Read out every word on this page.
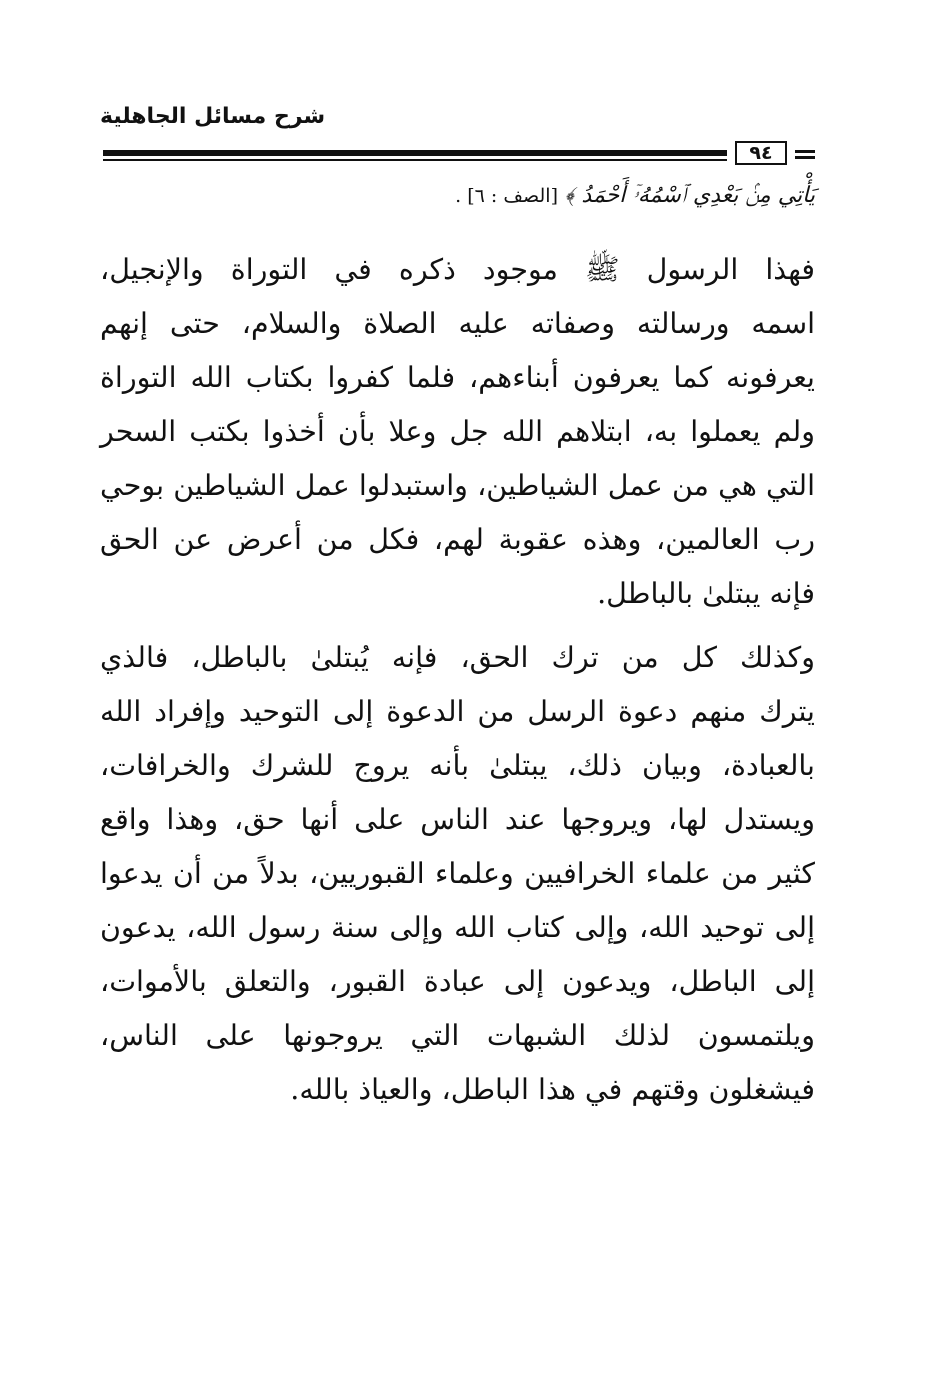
شرح مسائل الجاهلية
٩٤
يَأْتِي مِنۢ بَعْدِي ٱسْمُهُۥٓ أَحْمَدُ ﴾ [الصف : ٦] .
فهذا الرسول ﷺ موجود ذكره في التوراة والإنجيل،
اسمه ورسالته وصفاته عليه الصلاة والسلام، حتى إنهم
يعرفونه كما يعرفون أبناءهم، فلما كفروا بكتاب الله التوراة
ولم يعملوا به، ابتلاهم الله جل وعلا بأن أخذوا بكتب السحر
التي هي من عمل الشياطين، واستبدلوا عمل الشياطين بوحي
رب العالمين، وهذه عقوبة لهم، فكل من أعرض عن الحق
فإنه يبتلىٰ بالباطل.
وكذلك كل من ترك الحق، فإنه يُبتلىٰ بالباطل، فالذي
يترك منهم دعوة الرسل من الدعوة إلى التوحيد وإفراد الله
بالعبادة، وبيان ذلك، يبتلىٰ بأنه يروج للشرك والخرافات،
ويستدل لها، ويروجها عند الناس على أنها حق، وهذا واقع
كثير من علماء الخرافيين وعلماء القبوريين، بدلاً من أن يدعوا
إلى توحيد الله، وإلى كتاب الله وإلى سنة رسول الله، يدعون
إلى الباطل، ويدعون إلى عبادة القبور، والتعلق بالأموات،
ويلتمسون لذلك الشبهات التي يروجونها على الناس،
فيشغلون وقتهم في هذا الباطل، والعياذ بالله.
